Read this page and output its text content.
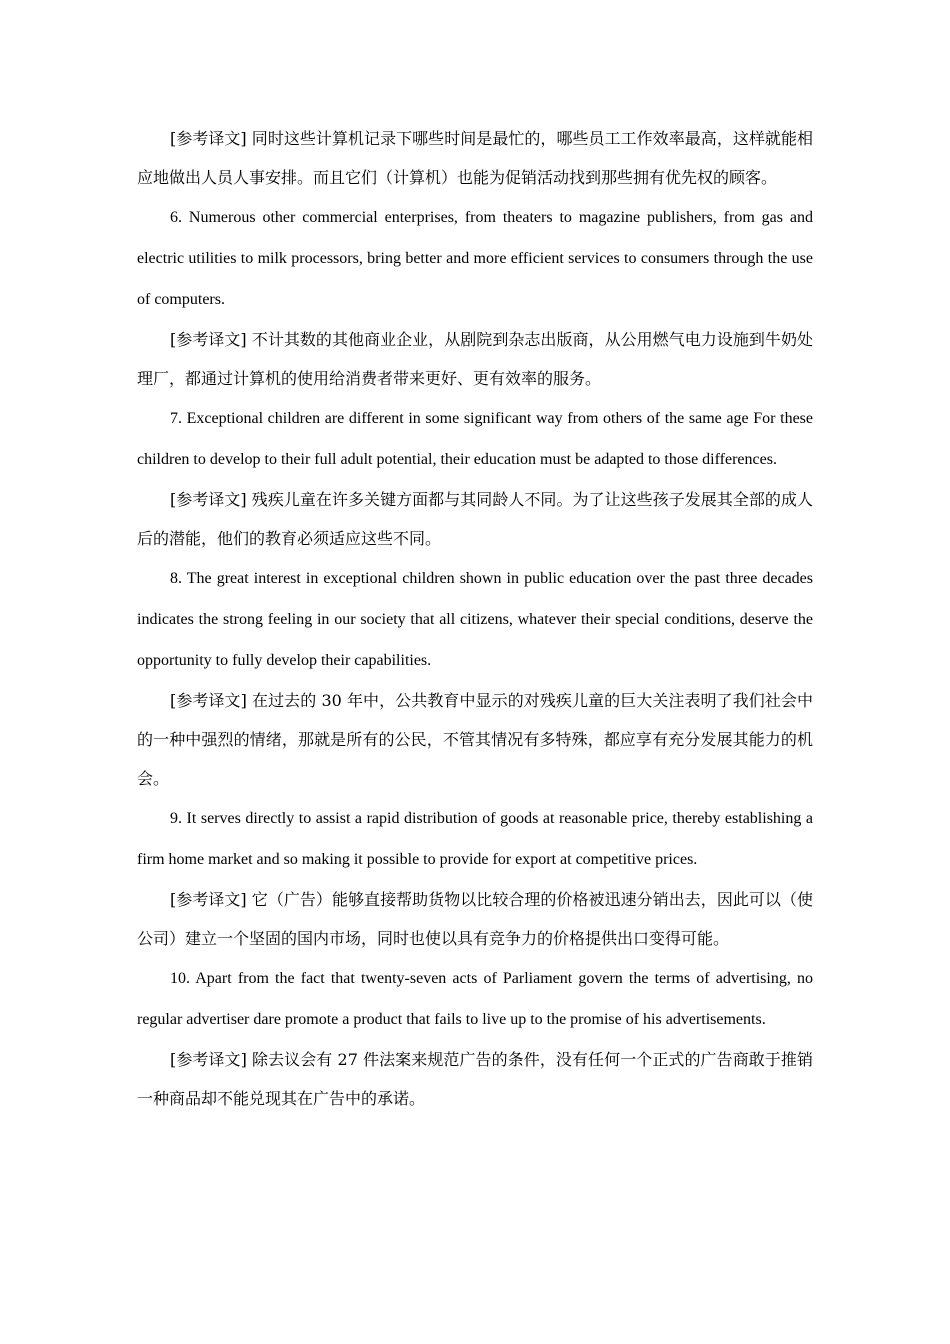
[参考译文] 同时这些计算机记录下哪些时间是最忙的，哪些员工工作效率最高，这样就能相应地做出人员人事安排。而且它们（计算机）也能为促销活动找到那些拥有优先权的顾客。

6. Numerous other commercial enterprises, from theaters to magazine publishers, from gas and electric utilities to milk processors, bring better and more efficient services to consumers through the use of computers.

[参考译文] 不计其数的其他商业企业，从剧院到杂志出版商，从公用燃气电力设施到牛奶处理厂，都通过计算机的使用给消费者带来更好、更有效率的服务。

7. Exceptional children are different in some significant way from others of the same age For these children to develop to their full adult potential, their education must be adapted to those differences.

[参考译文] 残疾儿童在许多关键方面都与其同龄人不同。为了让这些孩子发展其全部的成人后的潜能，他们的教育必须适应这些不同。

8. The great interest in exceptional children shown in public education over the past three decades indicates the strong feeling in our society that all citizens, whatever their special conditions, deserve the opportunity to fully develop their capabilities.

[参考译文] 在过去的 30 年中，公共教育中显示的对残疾儿童的巨大关注表明了我们社会中的一种中强烈的情绪，那就是所有的公民，不管其情况有多特殊，都应享有充分发展其能力的机会。

9. It serves directly to assist a rapid distribution of goods at reasonable price, thereby establishing a firm home market and so making it possible to provide for export at competitive prices.

[参考译文] 它（广告）能够直接帮助货物以比较合理的价格被迅速分销出去，因此可以（使公司）建立一个坚固的国内市场，同时也使以具有竞争力的价格提供出口变得可能。

10. Apart from the fact that twenty-seven acts of Parliament govern the terms of advertising, no regular advertiser dare promote a product that fails to live up to the promise of his advertisements.

[参考译文] 除去议会有 27 件法案来规范广告的条件，没有任何一个正式的广告商敢于推销一种商品却不能兑现其在广告中的承诺。
